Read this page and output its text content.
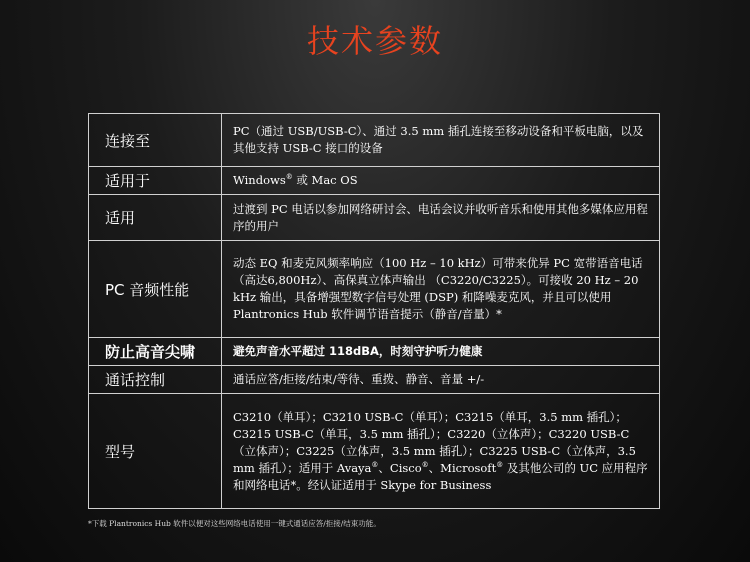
技术参数
连接至	PC（通过 USB/USB-C）、通过 3.5 mm 插孔连接至移动设备和平板电脑，以及其他支持 USB-C 接口的设备
适用于	Windows® 或 Mac OS
适用	过渡到 PC 电话以参加网络研讨会、电话会议并收听音乐和使用其他多媒体应用程序的用户
PC 音频性能	动态 EQ 和麦克风频率响应（100 Hz – 10 kHz）可带来优异 PC 宽带语音电话（高达6,800Hz）、高保真立体声输出 （C3220/C3225）。可接收 20 Hz – 20 kHz 输出，具备增强型数字信号处理 (DSP) 和降噪麦克风，并且可以使用 Plantronics Hub 软件调节语音提示（静音/音量）*
防止高音尖啸	避免声音水平超过 118dBA，时刻守护听力健康
通话控制	通话应答/拒接/结束/等待、重拨、静音、音量 +/-
型号	C3210（单耳）；C3210 USB-C（单耳）；C3215（单耳，3.5 mm 插孔）；C3215 USB-C（单耳，3.5 mm 插孔）；C3220（立体声）；C3220 USB-C（立体声）；C3225（立体声，3.5 mm 插孔）；C3225 USB-C（立体声，3.5 mm 插孔）；适用于 Avaya®、Cisco®、Microsoft® 及其他公司的 UC 应用程序和网络电话*。经认证适用于 Skype for Business
*下载 Plantronics Hub 软件以便对这些网络电话使用一键式通话应答/拒接/结束功能。
